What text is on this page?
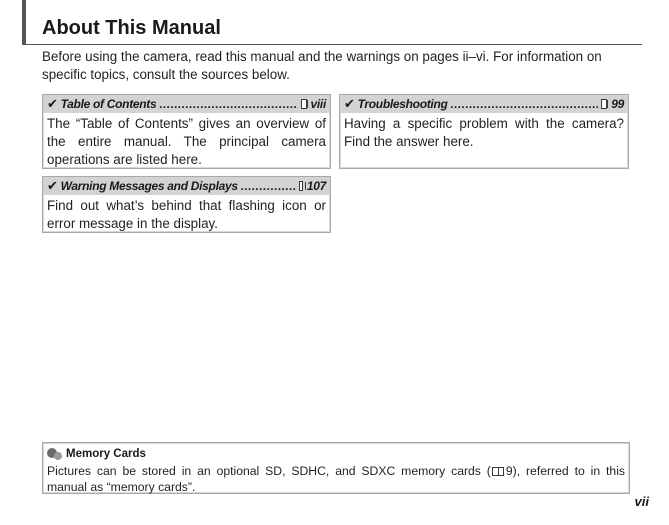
About This Manual

Before using the camera, read this manual and the warnings on pages ii–vi. For information on specific topics, consult the sources below.

✔ Table of Contents .....	viii

The “Table of Contents” gives an overview of the entire manual. The principal camera operations are listed here.

✔ Troubleshooting .....	99

Having a specific problem with the camera? Find the answer here.

✔ Warning Messages and Displays .....	107

Find out what’s behind that flashing icon or error message in the display.

Memory Cards

Pictures can be stored in an optional SD, SDHC, and SDXC memory cards ( 9), referred to in this manual as “memory cards”.

vii
